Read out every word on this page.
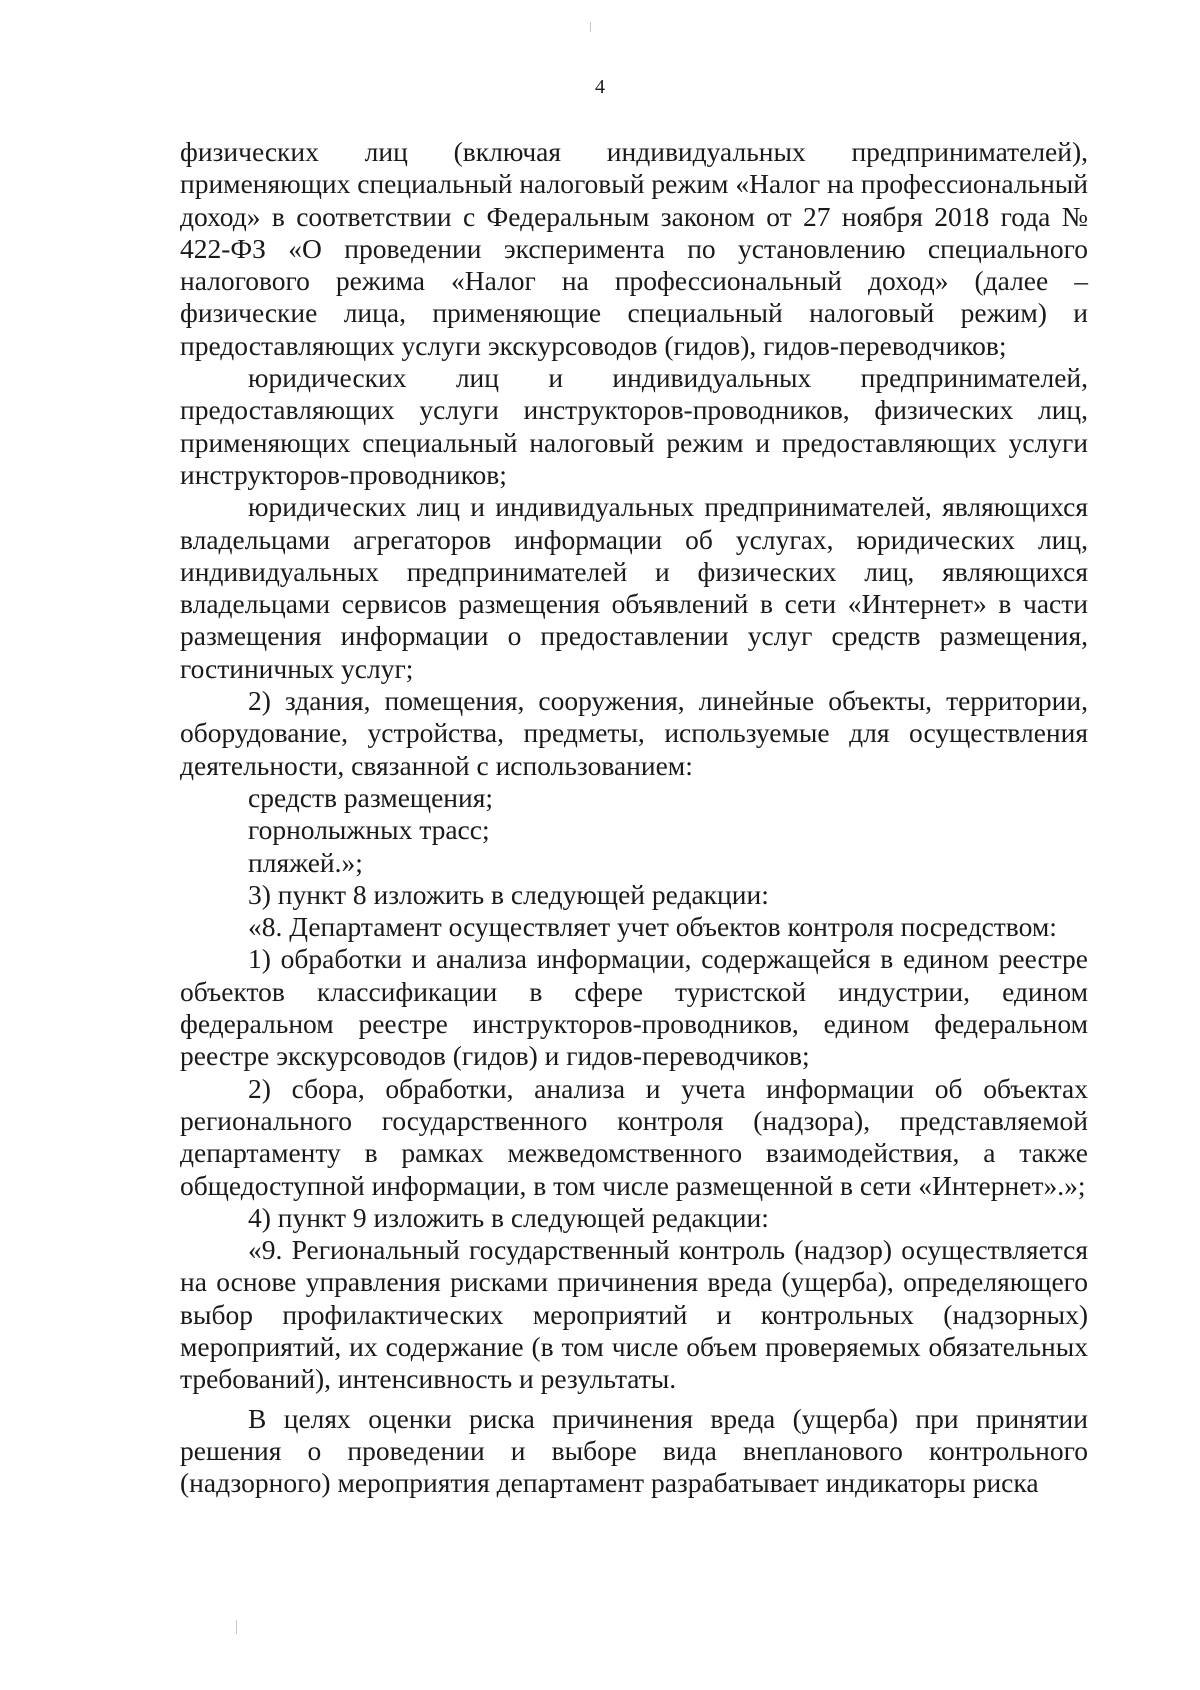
4

физических лиц (включая индивидуальных предпринимателей), применяющих специальный налоговый режим «Налог на профессиональный доход» в соответствии с Федеральным законом от 27 ноября 2018 года № 422-ФЗ «О проведении эксперимента по установлению специального налогового режима «Налог на профессиональный доход» (далее – физические лица, применяющие специальный налоговый режим) и предоставляющих услуги экскурсоводов (гидов), гидов-переводчиков;

юридических лиц и индивидуальных предпринимателей, предоставляющих услуги инструкторов-проводников, физических лиц, применяющих специальный налоговый режим и предоставляющих услуги инструкторов-проводников;

юридических лиц и индивидуальных предпринимателей, являющихся владельцами агрегаторов информации об услугах, юридических лиц, индивидуальных предпринимателей и физических лиц, являющихся владельцами сервисов размещения объявлений в сети «Интернет» в части размещения информации о предоставлении услуг средств размещения, гостиничных услуг;

2) здания, помещения, сооружения, линейные объекты, территории, оборудование, устройства, предметы, используемые для осуществления деятельности, связанной с использованием:

средств размещения;

горнолыжных трасс;

пляжей.»;

3) пункт 8 изложить в следующей редакции:

«8. Департамент осуществляет учет объектов контроля посредством:

1) обработки и анализа информации, содержащейся в едином реестре объектов классификации в сфере туристской индустрии, едином федеральном реестре инструкторов-проводников, едином федеральном реестре экскурсоводов (гидов) и гидов-переводчиков;

2) сбора, обработки, анализа и учета информации об объектах регионального государственного контроля (надзора), представляемой департаменту в рамках межведомственного взаимодействия, а также общедоступной информации, в том числе размещенной в сети «Интернет».»;

4) пункт 9 изложить в следующей редакции:

«9. Региональный государственный контроль (надзор) осуществляется на основе управления рисками причинения вреда (ущерба), определяющего выбор профилактических мероприятий и контрольных (надзорных) мероприятий, их содержание (в том числе объем проверяемых обязательных требований), интенсивность и результаты.

В целях оценки риска причинения вреда (ущерба) при принятии решения о проведении и выборе вида внепланового контрольного (надзорного) мероприятия департамент разрабатывает индикаторы риска
